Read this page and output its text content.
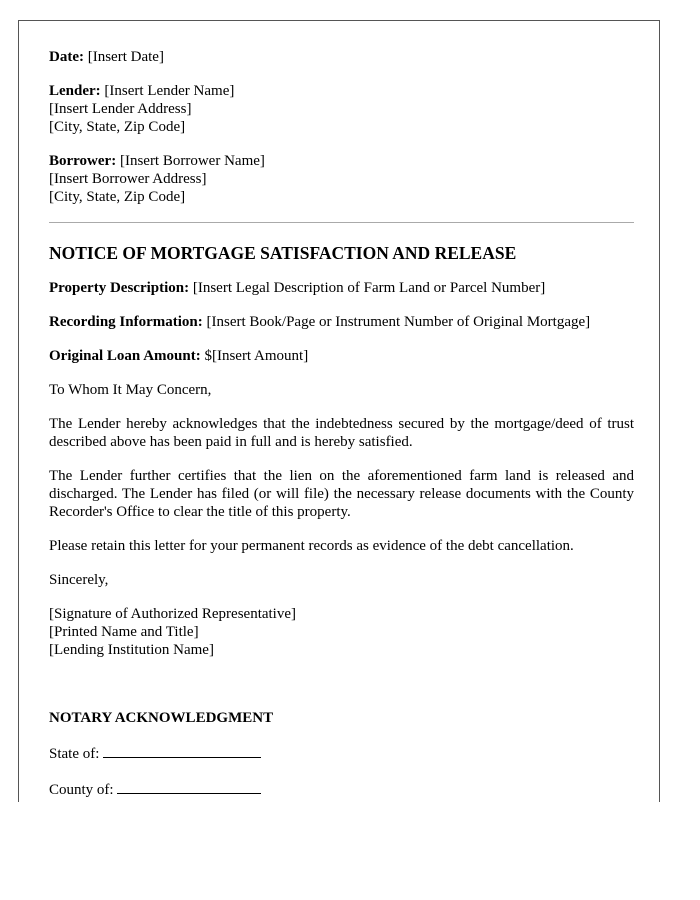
Date: [Insert Date]

Lender: [Insert Lender Name]

[Insert Lender Address]

[City, State, Zip Code]

Borrower: [Insert Borrower Name]

[Insert Borrower Address]

[City, State, Zip Code]

NOTICE OF MORTGAGE SATISFACTION AND RELEASE

Property Description: [Insert Legal Description of Farm Land or Parcel Number]

Recording Information: [Insert Book/Page or Instrument Number of Original Mortgage]

Original Loan Amount: $[Insert Amount]

To Whom It May Concern,

The Lender hereby acknowledges that the indebtedness secured by the mortgage/deed of trust described above has been paid in full and is hereby satisfied.

The Lender further certifies that the lien on the aforementioned farm land is released and discharged. The Lender has filed (or will file) the necessary release documents with the County Recorder's Office to clear the title of this property.

Please retain this letter for your permanent records as evidence of the debt cancellation.

Sincerely,

[Signature of Authorized Representative]

[Printed Name and Title]

[Lending Institution Name]

NOTARY ACKNOWLEDGMENT

State of:

County of:
